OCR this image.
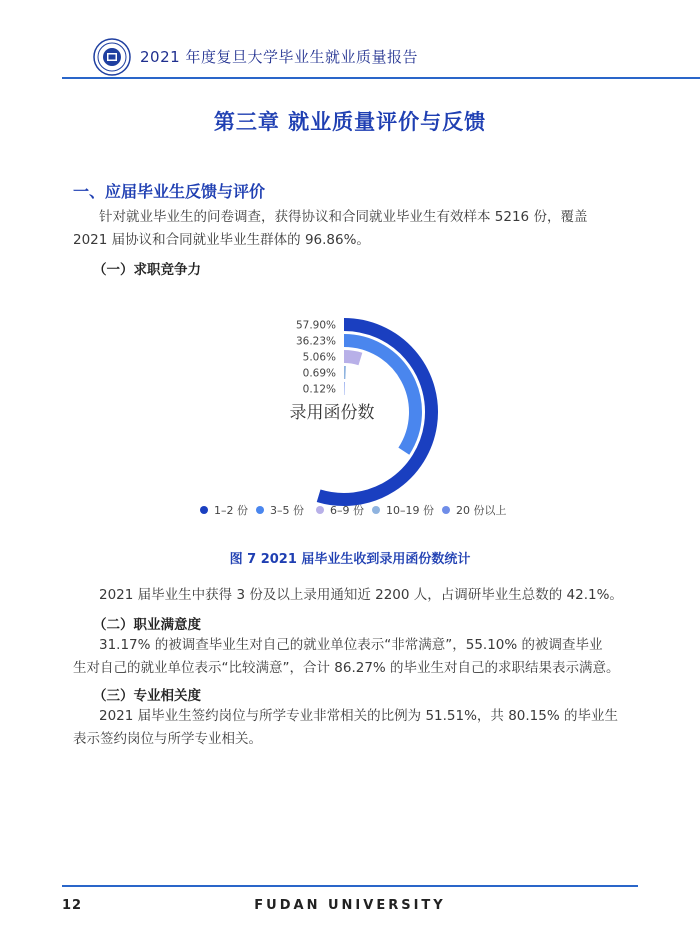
2021 年度复旦大学毕业生就业质量报告
第三章 就业质量评价与反馈
一、应届毕业生反馈与评价
针对就业毕业生的问卷调查，获得协议和合同就业毕业生有效样本 5216 份，覆盖
2021 届协议和合同就业毕业生群体的 96.86%。
（一）求职竞争力
57.90%
36.23%
5.06%
0.69%
0.12%
录用函份数
1–2 份	3–5 份	6–9 份	10–19 份	20 份以上
图 7 2021 届毕业生收到录用函份数统计
2021 届毕业生中获得 3 份及以上录用通知近 2200 人，占调研毕业生总数的 42.1%。
（二）职业满意度
31.17% 的被调查毕业生对自己的就业单位表示“非常满意”，55.10% 的被调查毕业
生对自己的就业单位表示“比较满意”，合计 86.27% 的毕业生对自己的求职结果表示满意。
（三）专业相关度
2021 届毕业生签约岗位与所学专业非常相关的比例为 51.51%，共 80.15% 的毕业生
表示签约岗位与所学专业相关。
12	FUDAN UNIVERSITY
